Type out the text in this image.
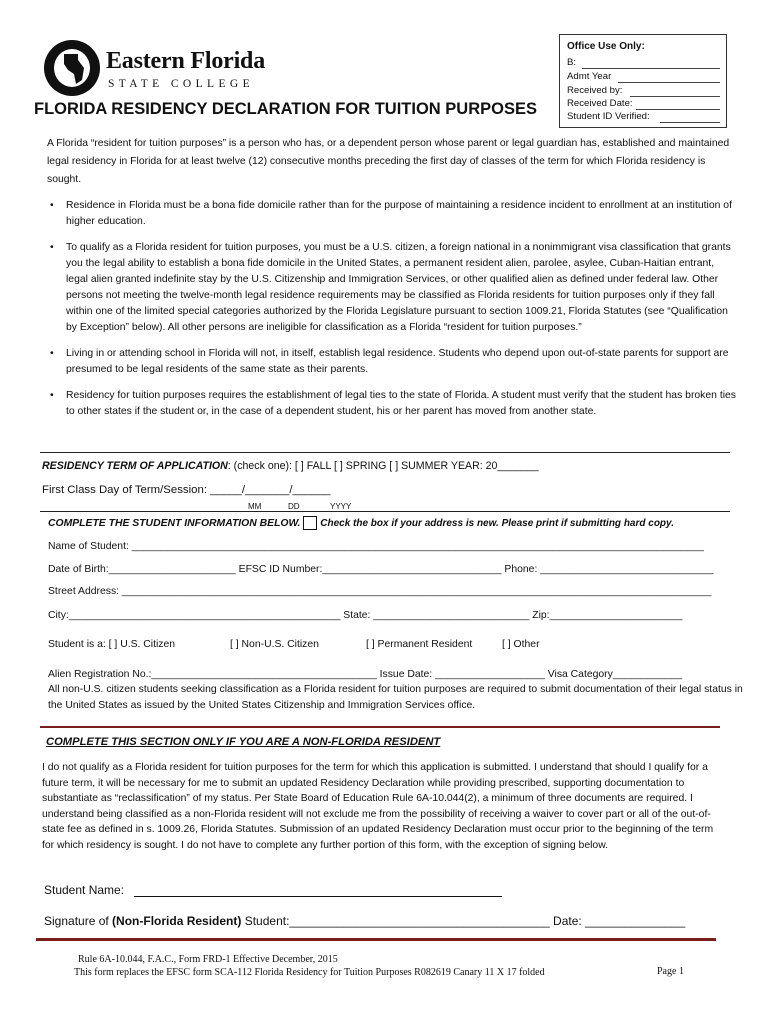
Eastern Florida
STATE COLLEGE
Office Use Only:
B:
Admt Year
Received by:
Received Date:
Student ID Verified:
FLORIDA RESIDENCY DECLARATION FOR TUITION PURPOSES
A Florida “resident for tuition purposes” is a person who has, or a dependent person whose parent or legal guardian has, established and maintained legal residency in Florida for at least twelve (12) consecutive months preceding the first day of classes of the term for which Florida residency is sought.
• Residence in Florida must be a bona fide domicile rather than for the purpose of maintaining a residence incident to enrollment at an institution of higher education.
• To qualify as a Florida resident for tuition purposes, you must be a U.S. citizen, a foreign national in a nonimmigrant visa classification that grants you the legal ability to establish a bona fide domicile in the United States, a permanent resident alien, parolee, asylee, Cuban-Haitian entrant, legal alien granted indefinite stay by the U.S. Citizenship and Immigration Services, or other qualified alien as defined under federal law. Other persons not meeting the twelve-month legal residence requirements may be classified as Florida residents for tuition purposes only if they fall within one of the limited special categories authorized by the Florida Legislature pursuant to section 1009.21, Florida Statutes (see “Qualification by Exception” below). All other persons are ineligible for classification as a Florida “resident for tuition purposes.”
• Living in or attending school in Florida will not, in itself, establish legal residence. Students who depend upon out-of-state parents for support are presumed to be legal residents of the same state as their parents.
• Residency for tuition purposes requires the establishment of legal ties to the state of Florida. A student must verify that the student has broken ties to other states if the student or, in the case of a dependent student, his or her parent has moved from another state.
RESIDENCY TERM OF APPLICATION: (check one): [ ] FALL [ ] SPRING [ ] SUMMER YEAR: 20_______
First Class Day of Term/Session: _____/_______/______
MM	DD	YYYY
COMPLETE THE STUDENT INFORMATION BELOW. Check the box if your address is new. Please print if submitting hard copy.
Name of Student: ___________________________________________________________________________________________________
Date of Birth:______________________ EFSC ID Number:_______________________________ Phone: ______________________________
Street Address: ______________________________________________________________________________________________________
City:_______________________________________________ State: ___________________________ Zip:_______________________
Student is a: [ ] U.S. Citizen	[ ] Non-U.S. Citizen	[ ] Permanent Resident	[ ] Other
Alien Registration No.:_______________________________________ Issue Date: ___________________ Visa Category____________
All non-U.S. citizen students seeking classification as a Florida resident for tuition purposes are required to submit documentation of their legal status in the United States as issued by the United States Citizenship and Immigration Services office.
COMPLETE THIS SECTION ONLY IF YOU ARE A NON-FLORIDA RESIDENT
I do not qualify as a Florida resident for tuition purposes for the term for which this application is submitted. I understand that should I qualify for a future term, it will be necessary for me to submit an updated Residency Declaration while providing prescribed, supporting documentation to substantiate as “reclassification” of my status. Per State Board of Education Rule 6A-10.044(2), a minimum of three documents are required. I understand being classified as a non-Florida resident will not exclude me from the possibility of receiving a waiver to cover part or all of the out-of-state fee as defined in s. 1009.26, Florida Statutes. Submission of an updated Residency Declaration must occur prior to the beginning of the term for which residency is sought. I do not have to complete any further portion of this form, with the exception of signing below.
Student Name:
Signature of (Non-Florida Resident) Student:_______________________________________ Date: _______________
Rule 6A-10.044, F.A.C., Form FRD-1 Effective December, 2015
This form replaces the EFSC form SCA-112 Florida Residency for Tuition Purposes R082619 Canary 11 X 17 folded	Page 1
